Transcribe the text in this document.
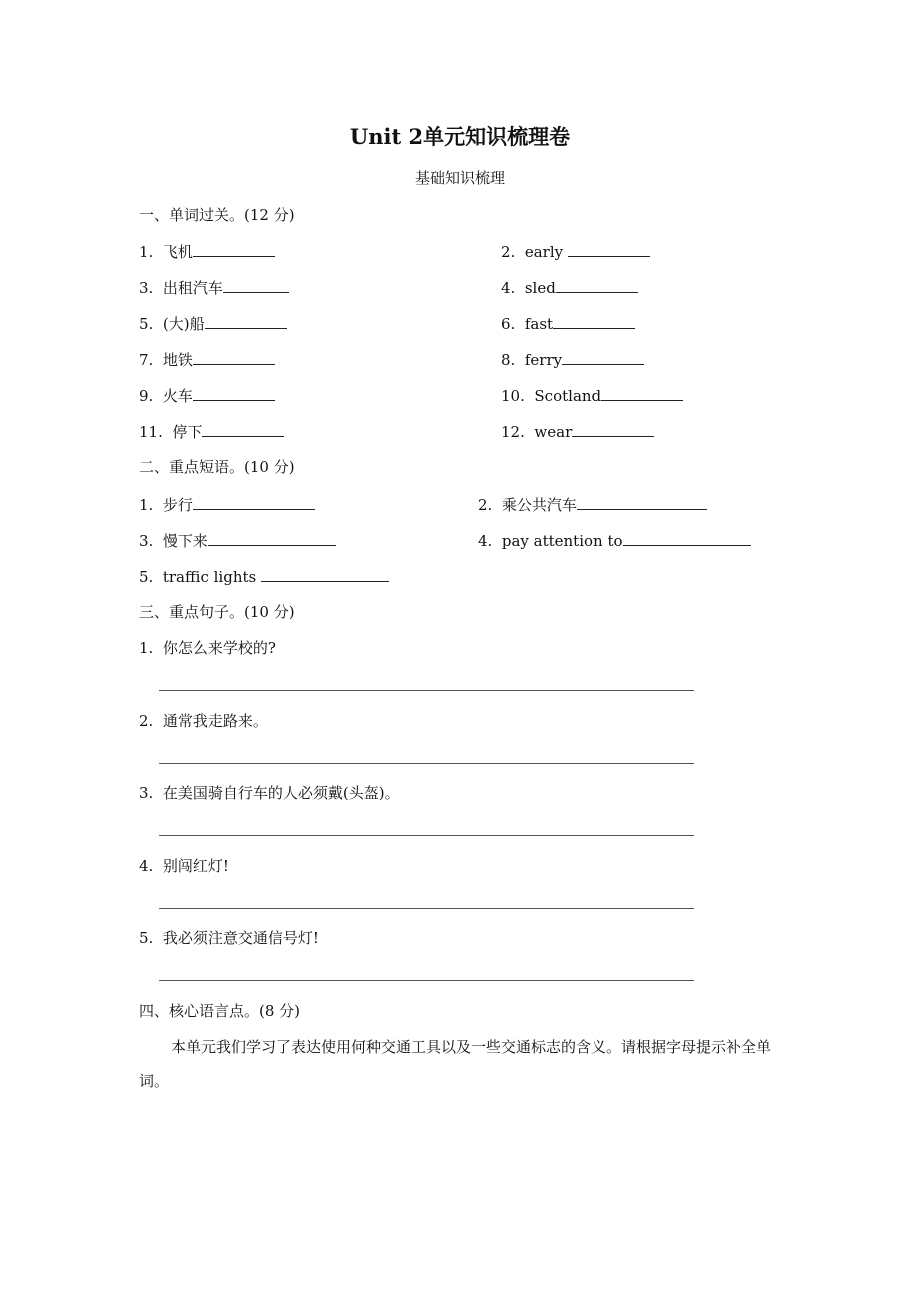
Unit 2单元知识梳理卷
基础知识梳理
一、单词过关。(12 分)
1. 飞机	2. early
3. 出租汽车	4. sled
5. (大)船	6. fast
7. 地铁	8. ferry
9. 火车	10. Scotland
11. 停下	12. wear
二、重点短语。(10 分)
1. 步行	2. 乘公共汽车
3. 慢下来	4. pay attention to
5. traffic lights
三、重点句子。(10 分)
1. 你怎么来学校的?
2. 通常我走路来。
3. 在美国骑自行车的人必须戴(头盔)。
4. 别闯红灯!
5. 我必须注意交通信号灯!
四、核心语言点。(8 分)
本单元我们学习了表达使用何种交通工具以及一些交通标志的含义。请根据字母提示补全单词。
